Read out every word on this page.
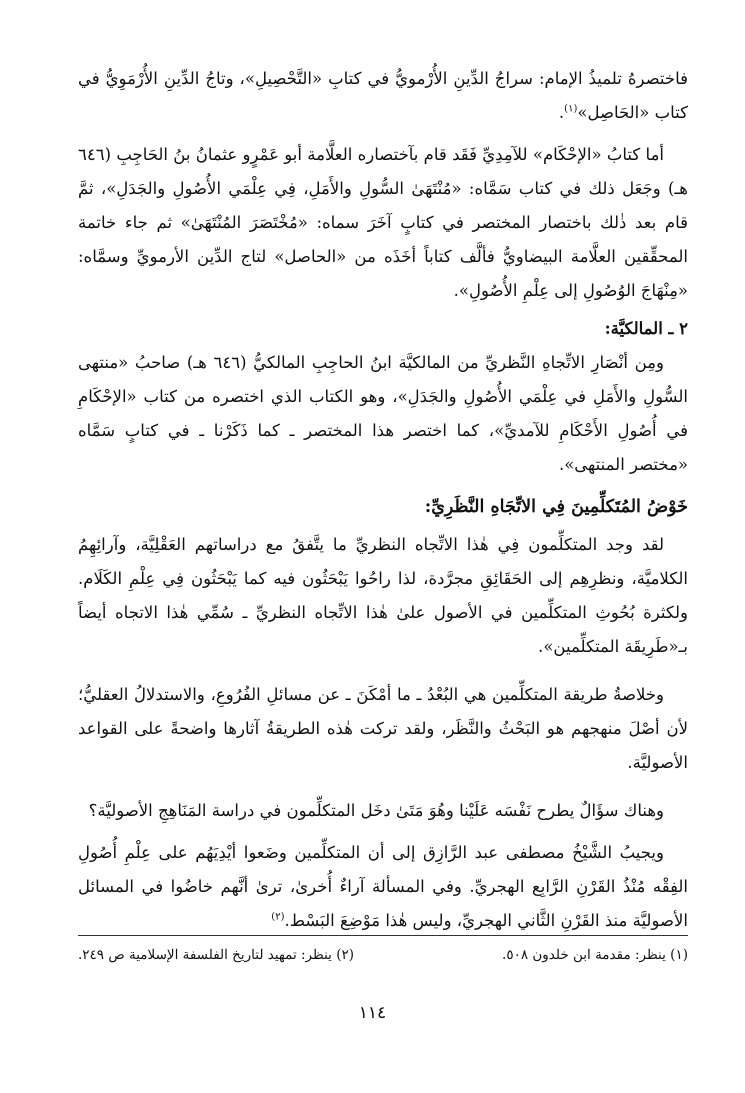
فاختصرهُ تلميذُ الإمام: سراجُ الدِّينِ الأُرْمويُّ في كتابِ «التَّحْصِيلِ»، وتاجُ الدِّينِ الأُرْمَوِيُّ في كتاب «الحَاصِل»$^{(١)}$.

أما كتابُ «الإحْكَام» للآمِدِيِّ فَقَد قام بآختصاره العلَّامة أبو عَمْرٍو عثمانُ بنُ الحَاجِبِ (٦٤٦ هـ) وجَعَل ذلك في كتاب سَمَّاه: «مُنْتَهَىٰ السُّولِ والأَمَلِ، فِي عِلْمَي الأُصُولِ والجَدَلِ»، ثمَّ قام بعد ذٰلك باختصار المختصر في كتابٍ آخَرَ سماه: «مُخْتَصَرَ المُنْتَهَىٰ» ثم جاء خاتمة المحقِّقين العلَّامة البيضاويُّ فألَّف كتاباً أخَذَه من «الحاصل» لتاج الدِّين الأرمويِّ وسمَّاه: «مِنْهَاجَ الوُصُولِ إلى عِلْمِ الأُصُولِ».

٢ ـ المالكيَّة:

ومِن أنْصَارِ الاتِّجاهِ النَّظريِّ من المالكيَّة ابنُ الحاجِبِ المالكيُّ (٦٤٦ هـ) صاحبُ «منتهى السُّولِ والأَمَلِ في عِلْمَي الأُصُولِ والجَدَلِ»، وهو الكتاب الذي اختصره من كتاب «الإحْكَامِ في أُصُولِ الأَحْكَامِ للآمديِّ»، كما اختصر هذا المختصر ـ كما ذَكَرْنا ـ في كتابٍ سَمَّاه «مختصر المنتهى».

خَوْضُ المُتَكلِّمِينَ فِي الاتِّجَاهِ النَّظَرِيِّ:

لقد وجد المتكلِّمون فِي هٰذا الاتِّجاه النظريِّ ما يتَّفقُ مع دراساتهم العَقْلِيَّة، وآرائِهِمُ الكلاميَّة، ونظرِهِم إلى الحَقَائِقِ مجرَّدة، لذا راحُوا يَبْحَثُون فيه كما يَبْحَثُون فِي عِلْمِ الكَلَام. ولكثرة بُحُوثِ المتكلِّمين في الأصول علىٰ هٰذا الاتِّجاه النظريِّ ـ سُمِّي هٰذا الاتجاه أيضاً بـ«طَرِيقَة المتكلِّمين».

وخلاصةُ طريقة المتكلِّمين هي البُعْدُ ـ ما أمْكَنَ ـ عن مسائلِ الفُرُوعِ، والاستدلالُ العقليُّ؛ لأن أصْلَ منهجهم هو البَحْثُ والنَّظَر، ولقد تركت هٰذه الطريقةُ آثارها واضحةً على القواعد الأصوليَّة.

وهناك سؤَالٌ يطرح نَفْسَه عَلَيْنا وهُوَ مَتَىٰ دخَل المتكلِّمون في دراسة المَنَاهِجِ الأصوليَّة؟

ويجيبُ الشَّيْخُ مصطفى عبد الرَّازِق إلى أن المتكلِّمين وضَعوا أيْدِيَهُم على عِلْمِ أُصُولِ الفِقْه مُنْذُ القَرْنِ الرَّابِع الهجريِّ. وفي المسألة آراءٌ أُخرىٰ، ترىٰ أنَّهم خاضُوا في المسائل الأصوليَّة منذ القَرْنِ الثَّاني الهجريِّ، وليس هٰذا مَوْضِعَ البَسْط.$^{(٢)}$

(١) ينظر: مقدمة ابن خلدون ٥٠٨.
(٢) ينظر: تمهيد لتاريخ الفلسفة الإسلامية ص ٢٤٩.
١١٤
